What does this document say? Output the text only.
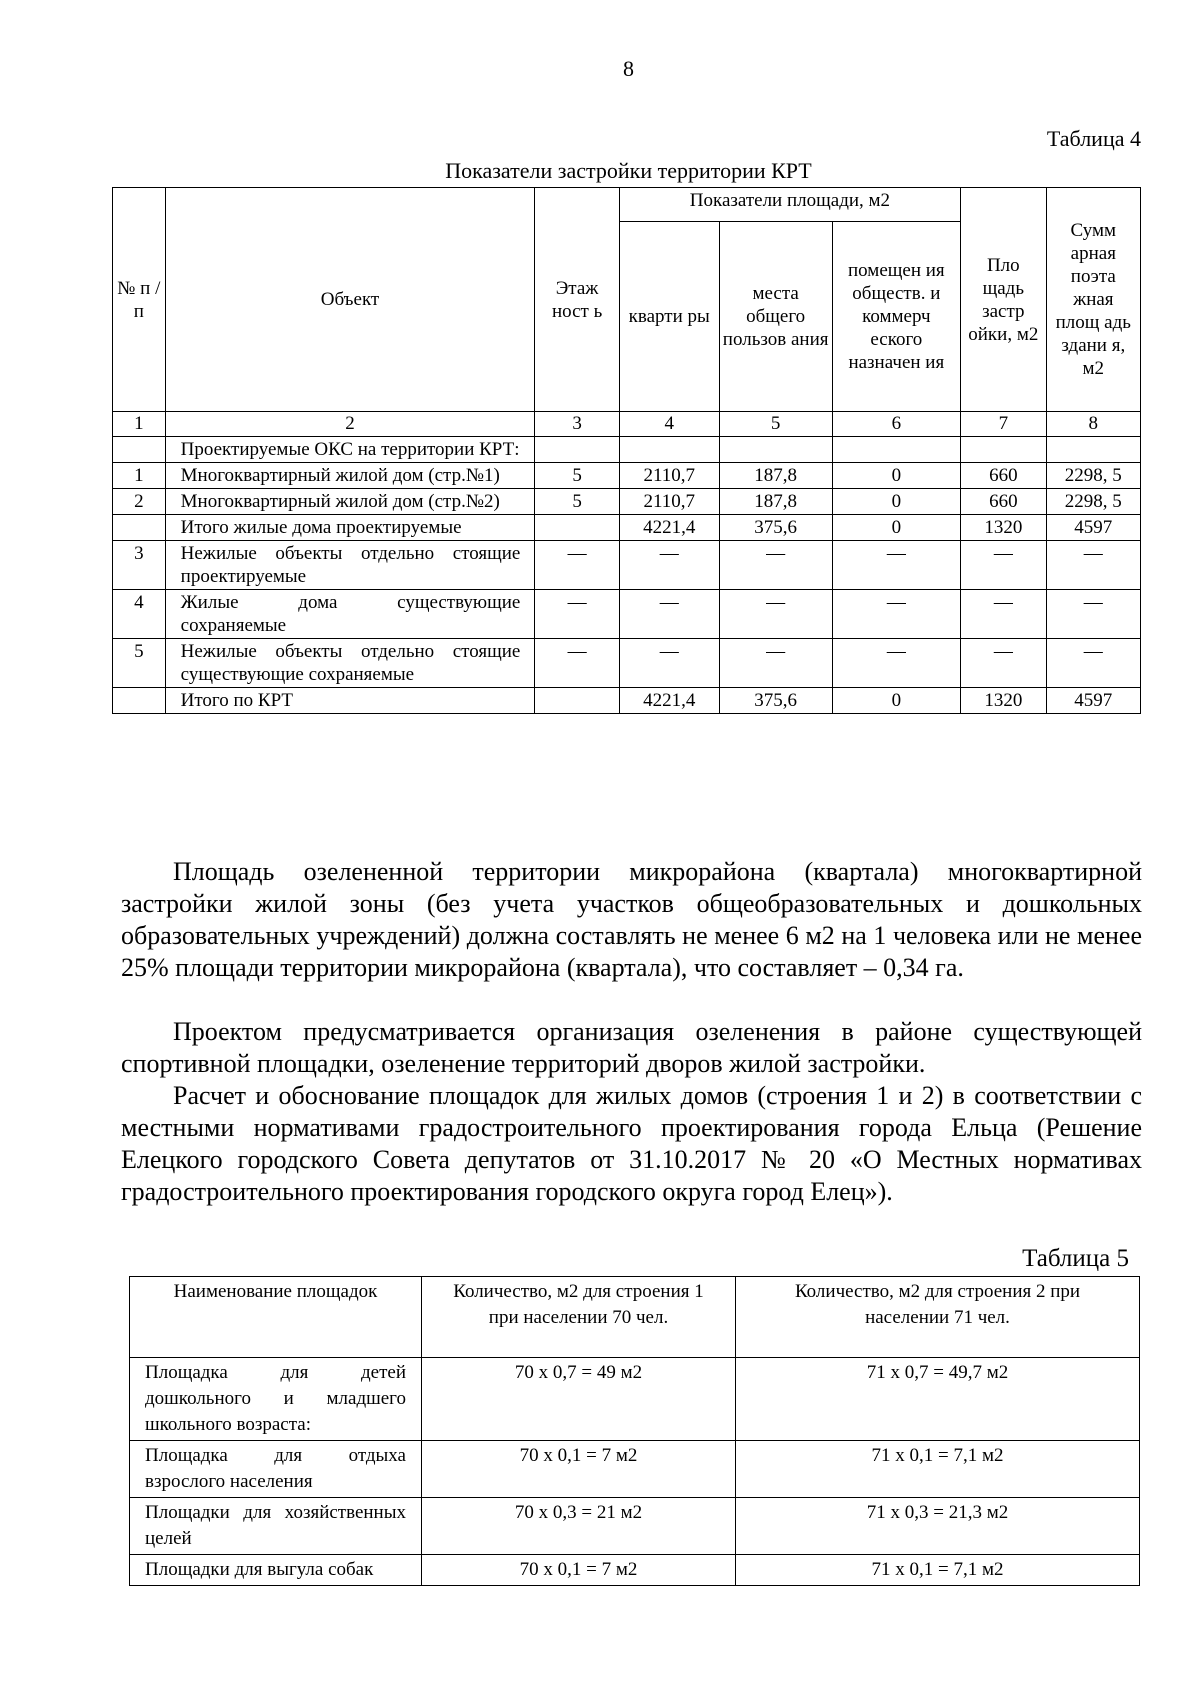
8
Таблица 4
Показатели застройки территории КРТ
№ п / п	Объект	Этаж ност ь	Показатели площади, м2			Пло щадь застр ойки, м2	Сумм арная поэта жная площ адь здани я, м2
			кварти ры	места общего пользов ания	помещен ия обществ. и коммерч еского назначен ия		
1	2	3	4	5	6	7	8
	Проектируемые ОКС на территории КРТ:						
1	Многоквартирный жилой дом (стр.№1)	5	2110,7	187,8	0	660	2298, 5
2	Многоквартирный жилой дом (стр.№2)	5	2110,7	187,8	0	660	2298, 5
	Итого жилые дома проектируемые		4221,4	375,6	0	1320	4597
3	Нежилые объекты отдельно стоящие проектируемые	—	—	—	—	—	—
4	Жилые дома существующие сохраняемые	—	—	—	—	—	—
5	Нежилые объекты отдельно стоящие существующие сохраняемые	—	—	—	—	—	—
	Итого по КРТ		4221,4	375,6	0	1320	4597
Площадь озелененной территории микрорайона (квартала) многоквартирной застройки жилой зоны (без учета участков общеобразовательных и дошкольных образовательных учреждений) должна составлять не менее 6 м2 на 1 человека или не менее 25% площади территории микрорайона (квартала), что составляет – 0,34 га.
Проектом предусматривается организация озеленения в районе существующей спортивной площадки, озеленение территорий дворов жилой застройки.
Расчет и обоснование площадок для жилых домов (строения 1 и 2) в соответствии с местными нормативами градостроительного проектирования города Ельца (Решение Елецкого городского Совета депутатов от 31.10.2017 № 20 «О Местных нормативах градостроительного проектирования городского округа город Елец»).
Таблица 5
Наименование площадок	Количество, м2 для строения 1 при населении 70 чел.	Количество, м2 для строения 2 при населении 71 чел.
Площадка для детей дошкольного и младшего школьного возраста:	70 х 0,7 = 49 м2	71 х 0,7 = 49,7 м2
Площадка для отдыха взрослого населения	70 х 0,1 = 7 м2	71 х 0,1 = 7,1 м2
Площадки для хозяйственных целей	70 х 0,3 = 21 м2	71 х 0,3 = 21,3 м2
Площадки для выгула собак	70 х 0,1 = 7 м2	71 х 0,1 = 7,1 м2
